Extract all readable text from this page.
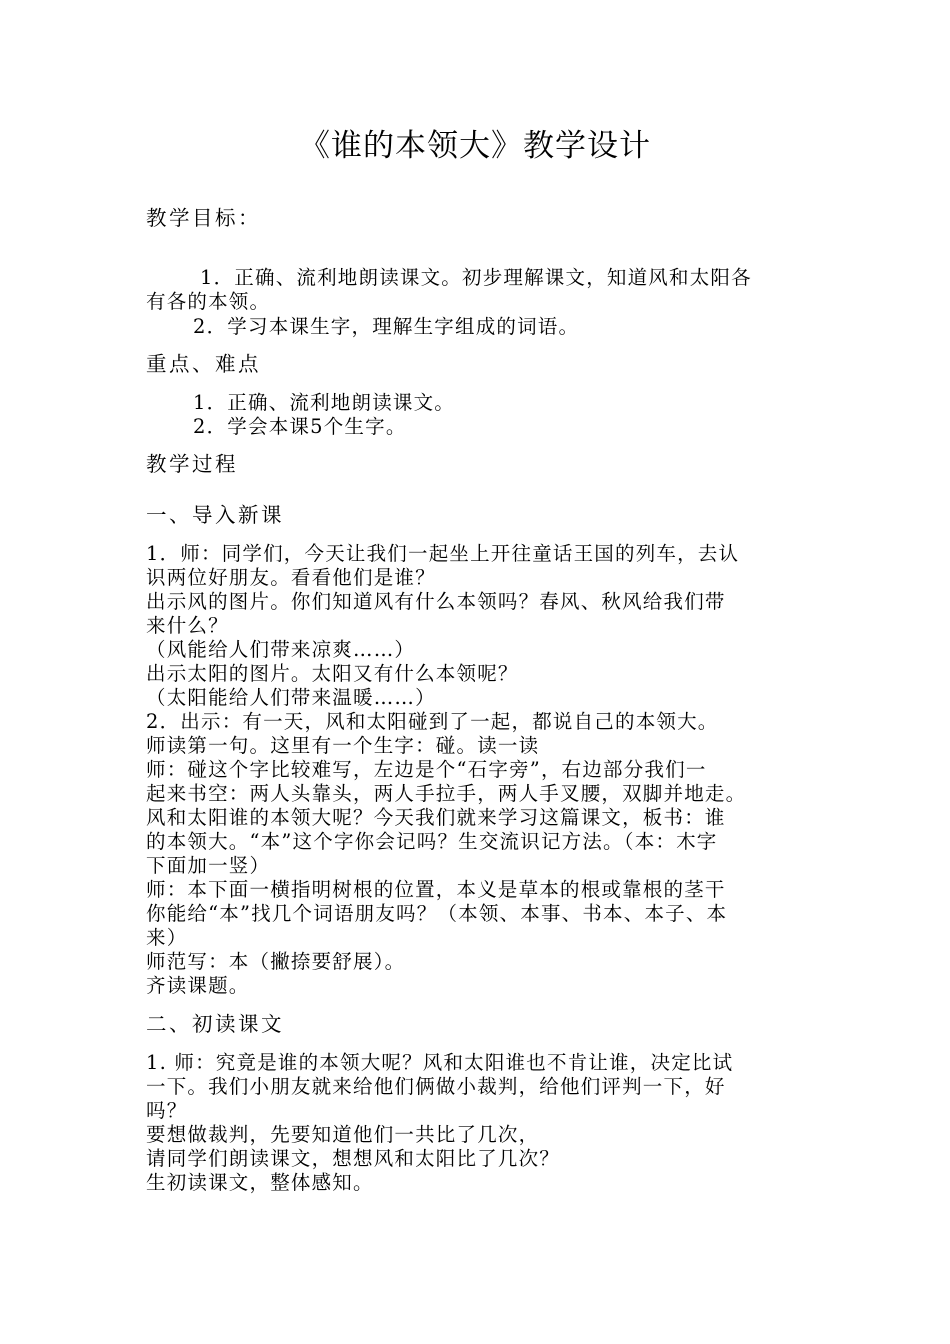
《谁的本领大》教学设计
教学目标：
1．正确、流利地朗读课文。初步理解课文，知道风和太阳各
有各的本领。
2．学习本课生字，理解生字组成的词语。
重点、难点
1．正确、流利地朗读课文。
2．学会本课5个生字。
教学过程
一、导入新课
1．师：同学们，今天让我们一起坐上开往童话王国的列车，去认
识两位好朋友。看看他们是谁？
出示风的图片。你们知道风有什么本领吗？春风、秋风给我们带
来什么？
（风能给人们带来凉爽……）
出示太阳的图片。太阳又有什么本领呢？
（太阳能给人们带来温暖……）
2．出示：有一天，风和太阳碰到了一起，都说自己的本领大。
师读第一句。这里有一个生字：碰。读一读
师：碰这个字比较难写，左边是个“石字旁”，右边部分我们一
起来书空：两人头靠头，两人手拉手，两人手叉腰，双脚并地走。
风和太阳谁的本领大呢？今天我们就来学习这篇课文，板书：谁
的本领大。“本”这个字你会记吗？生交流识记方法。（本：木字
下面加一竖）
师：本下面一横指明树根的位置，本义是草本的根或靠根的茎干
你能给“本”找几个词语朋友吗？（本领、本事、书本、本子、本
来）
师范写：本（撇捺要舒展）。
齐读课题。
二、初读课文
1. 师：究竟是谁的本领大呢？风和太阳谁也不肯让谁，决定比试
一下。我们小朋友就来给他们俩做小裁判，给他们评判一下，好
吗？
要想做裁判，先要知道他们一共比了几次，
请同学们朗读课文，想想风和太阳比了几次？
生初读课文，整体感知。
